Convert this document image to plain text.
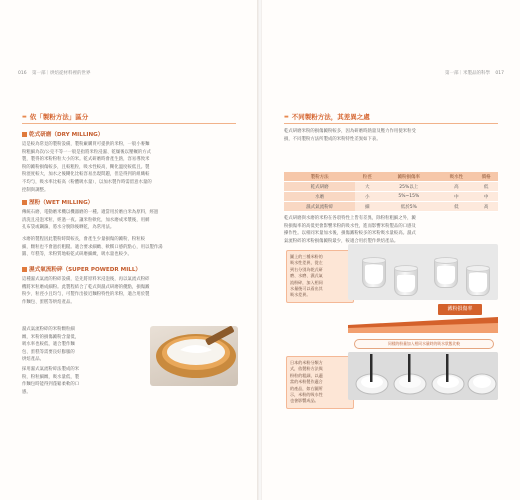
016 第一部｜烘焙從材料裡的世界
▬ 依「製粉方法」區分
乾式研磨（DRY MILLING）
這是較為常見的製粉設備，製粉廠購買可提供的米粉，一般小麥麵
粉粗細為次/公克不等一一般是指將米粒浸濕、乾燥後以壓輾的方式
製，製得的米粉粉粒大小的米。乾式研磨時會產生熱，容易導致米
粉的澱粉損傷較多，且較粗粒，吸水性較高，糊化溫度較低且。製
粉溼度較大，加水之後糊化比較容易出現問題，但是得到的組織較
不均勻，吸水率比較高（粉體吸水量）、以加水製作時需留意水量的
控制與調整。
溼粉（WET MILLING）
傳統石磨、電動磨米機以機器磨的一種。適當用於磨白米為原料，經過
清洗且浸泡米粒，經過一夜。讓米粒軟化，加水磨成米漿後，用網
孔布袋或鋼篩，將水分脫除後晒乾，為常用法。
水磨的製程因此製粉時間較長，會產生少量損傷的澱粉，粉粒較
細，顆粒也不會過於粗糙。適合要求細緻、軟糯口感的點心，用以製作湯
圓、年糕等，米粉質地較乾式研磨細緻，吸水量也較少。
濕式氣流粉碎（SUPER POWEDR MILL）
這種濕式氣流的粉碎設備，是先將原料米浸泡後，再以氣流式粉碎
機將米粒磨成細粉。此製程結合了乾式與濕式研磨的優點，損傷澱
粉少、粒徑小且均勻，可製作出接近麵粉特性的米粉，適合用於製
作麵包、蛋糕等烘焙產品。
濕式氣流粉碎的米粉顆粒細
緻，米粉的損傷澱粉含量低，
吸水率也較低，適合製作麵
包、蛋糕等需要良好膨脹的
烘焙產品。
採用濕式氣流粉碎法製成的米
粉，粉粒細緻，吸水量低，製
作麵包時能得到蓬鬆柔軟的口
感。
第一部｜米製品的科學 017
▬ 不同製粉方法，其差異之處
乾式研磨米粉的損傷澱粉較多，因為研磨時熱量及壓力作用使米粒受
損，不同製粉方法所製成的米粉特性差異如下表。
製粉方法	粒徑	澱粉損傷率	吸水性	價格
乾式研磨	大	25%以上	高	低
水磨	小	5%~15%	中	中
濕式氣流粉碎	細	低於5%	低	高
乾式研磨與水磨的米粉在各項特性上皆有差異，除粉粒粗細之外，澱
粉損傷率的高低更會影響米粉的吸水性，進而影響米粉製品的口感及
操作性。以相同米量加水後，損傷澱粉較多的米粉吸水量較高。濕式
氣流粉碎的米粉損傷澱粉最少，較適合用於製作烘焙產品。
圖上的三種米粉的
吸水性差異，從左
到右分別為乾式研
磨、水磨、濕式氣
流粉碎，加入相同
水量後可以看出其
吸水差異。
澱粉損傷率
同樣的粉量加入相同水量時的吸水狀態比較
日本的米粉分類方
式，依製粉方法與
粉粒的粗細，以適
當的米粉製作適合
的產品，如右圖所
示，米粉的吸水性
也會影響成品。
